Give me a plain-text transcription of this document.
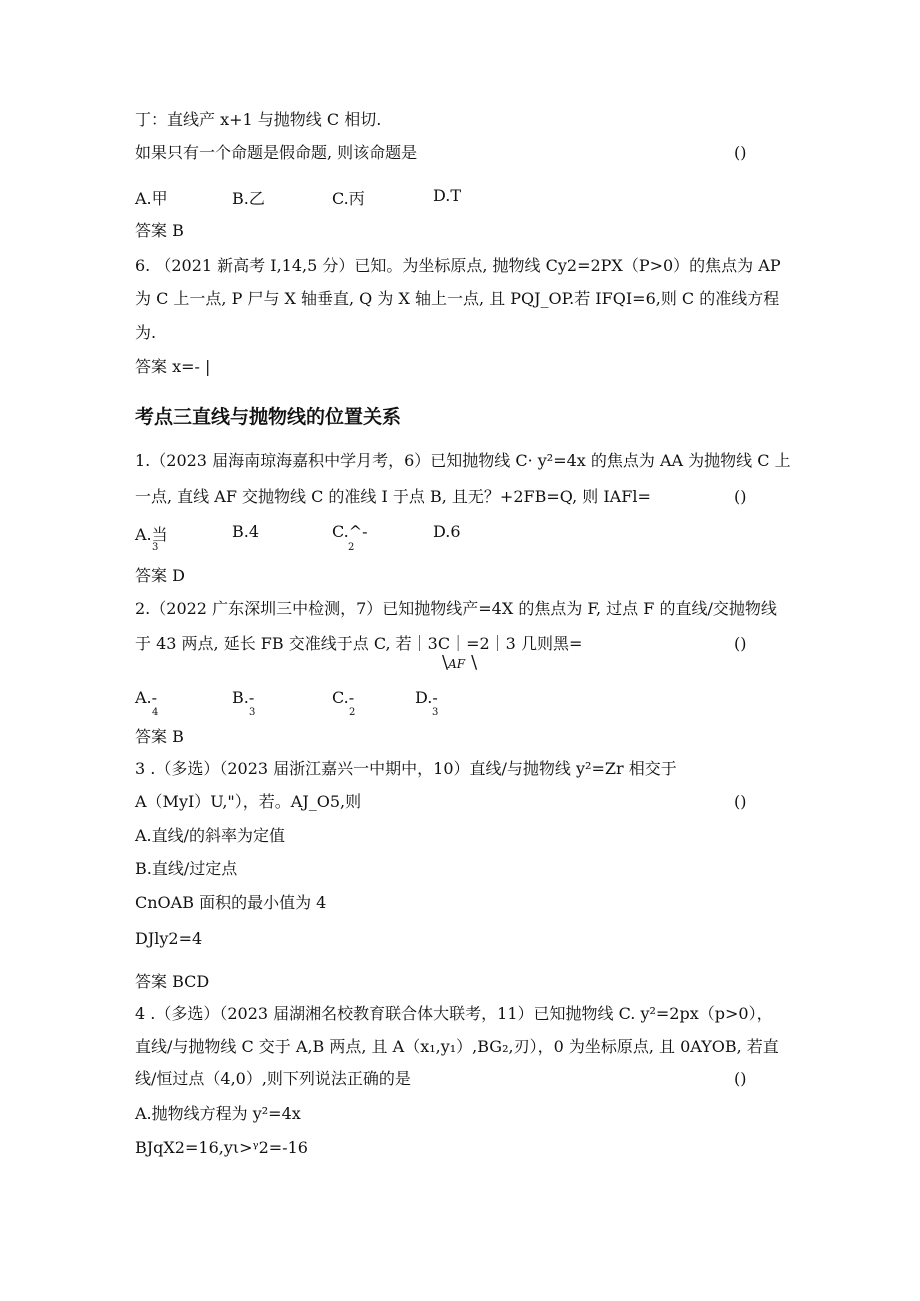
丁：直线产 x+1 与抛物线 C 相切.
如果只有一个命题是假命题, 则该命题是	()
A.甲	B.乙	C.丙	D.T
答案 B
6. （2021 新高考 I,14,5 分）已知。为坐标原点, 抛物线 Cy2=2PX（P>0）的焦点为 AP
为 C 上一点, P 尸与 X 轴垂直, Q 为 X 轴上一点, 且 PQJ_OP.若 IFQI=6,则 C 的准线方程
为.
答案 x=- |
考点三直线与抛物线的位置关系
1.（2023 届海南琼海嘉积中学月考，6）已知抛物线 C· y²=4x 的焦点为 AA 为抛物线 C 上
一点, 直线 AF 交抛物线 C 的准线 I 于点 B, 且无？+2FB=Q, 则 IAFl=	()
A.当
3
B.4	C.^-
2
D.6
答案 D
2.（2022 广东深圳三中检测，7）已知抛物线产=4X 的焦点为 F, 过点 F 的直线/交抛物线
于 43 两点, 延长 FB 交准线于点 C, 若｜3C｜=2｜3 几则黑=
\AF \
()
A.-
4
B.-
3
C.-
2
D.-
3
答案 B
3 .（多选）（2023 届浙江嘉兴一中期中，10）直线/与抛物线 y²=Zr 相交于
A（MyI）U,"），若。AJ_O5,则	()
A.直线/的斜率为定值
B.直线/过定点
CnOAB 面积的最小值为 4
DJly2=4
答案 BCD
4 .（多选）（2023 届湖湘名校教育联合体大联考，11）已知抛物线 C. y²=2px（p>0），
直线/与抛物线 C 交于 A,B 两点, 且 A（x₁,y₁）,BG₂,刃），0 为坐标原点, 且 0AYOB, 若直
线/恒过点（4,0）,则下列说法正确的是	()
A.抛物线方程为 y²=4x
BJqX2=16,yι>ᵞ2=-16
